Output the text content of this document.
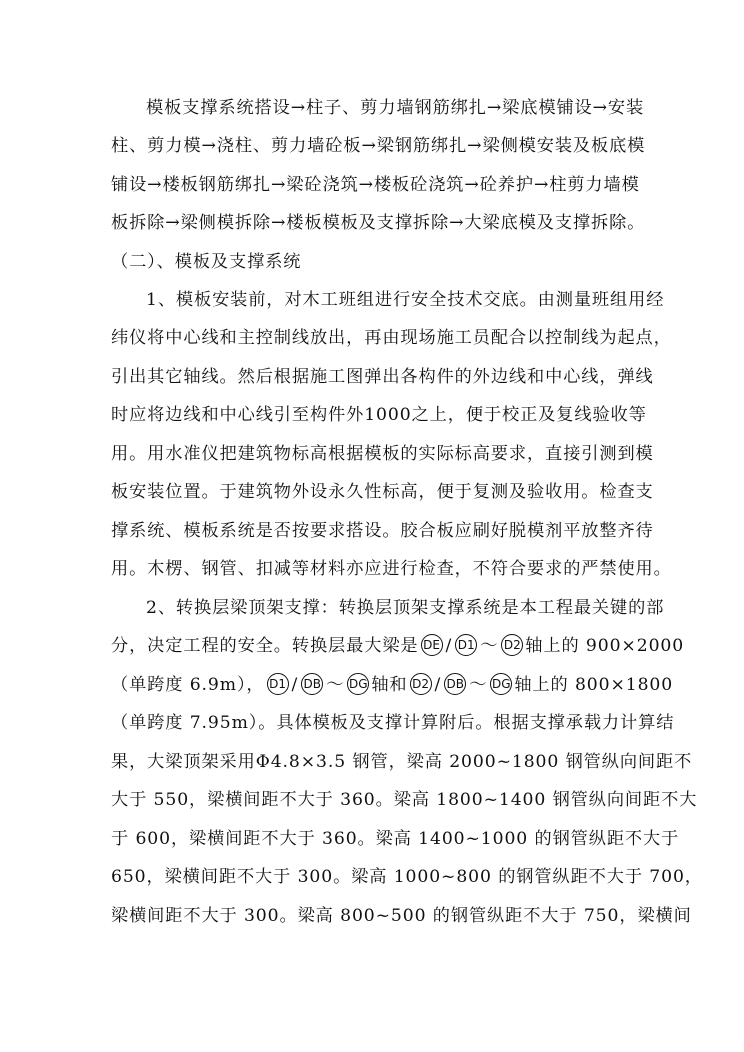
模板支撑系统搭设→柱子、剪力墙钢筋绑扎→梁底模铺设→安装
柱、剪力模→浇柱、剪力墙砼板→梁钢筋绑扎→梁侧模安装及板底模
铺设→楼板钢筋绑扎→梁砼浇筑→楼板砼浇筑→砼养护→柱剪力墙模
板拆除→梁侧模拆除→楼板模板及支撑拆除→大梁底模及支撑拆除。
（二）、模板及支撑系统
1、模板安装前，对木工班组进行安全技术交底。由测量班组用经
纬仪将中心线和主控制线放出，再由现场施工员配合以控制线为起点，
引出其它轴线。然后根据施工图弹出各构件的外边线和中心线，弹线
时应将边线和中心线引至构件外1000之上，便于校正及复线验收等
用。用水准仪把建筑物标高根据模板的实际标高要求，直接引测到模
板安装位置。于建筑物外设永久性标高，便于复测及验收用。检查支
撑系统、模板系统是否按要求搭设。胶合板应刷好脱模剂平放整齐待
用。木楞、钢管、扣减等材料亦应进行检查，不符合要求的严禁使用。
2、转换层梁顶架支撑：转换层顶架支撑系统是本工程最关键的部
分，决定工程的安全。转换层最大梁是 DE / D1 ～ D2 轴上的 900×2000
（单跨度 6.9m）， D1 / DB ～ DG 轴和 D2 / DB ～ DG 轴上的 800×1800
（单跨度 7.95m）。具体模板及支撑计算附后。根据支撑承载力计算结
果，大梁顶架采用Φ4.8×3.5 钢管，梁高 2000~1800 钢管纵向间距不
大于 550，梁横间距不大于 360。梁高 1800~1400 钢管纵向间距不大
于 600，梁横间距不大于 360。梁高 1400~1000 的钢管纵距不大于
650，梁横间距不大于 300。梁高 1000~800 的钢管纵距不大于 700，
梁横间距不大于 300。梁高 800~500 的钢管纵距不大于 750，梁横间
